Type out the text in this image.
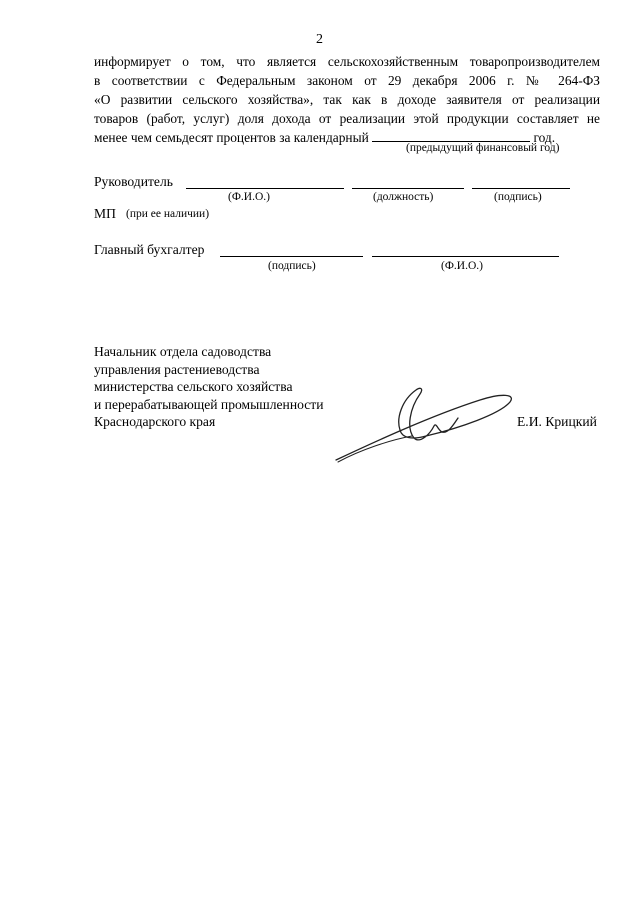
2
информирует о том, что является сельскохозяйственным товаропроизводителем
в соответствии с Федеральным законом от 29 декабря 2006 г. № 264-ФЗ
«О развитии сельского хозяйства», так как в доходе заявителя от реализации
товаров (работ, услуг) доля дохода от реализации этой продукции составляет не
менее чем семьдесят процентов за календарный	год.
(предыдущий финансовый год)
Руководитель
(Ф.И.О.)	(должность)	(подпись)
МП (при ее наличии)
Главный бухгалтер
(подпись)	(Ф.И.О.)
Начальник отдела садоводства
управления растениеводства
министерства сельского хозяйства
и перерабатывающей промышленности
Краснодарского края	Е.И. Крицкий
